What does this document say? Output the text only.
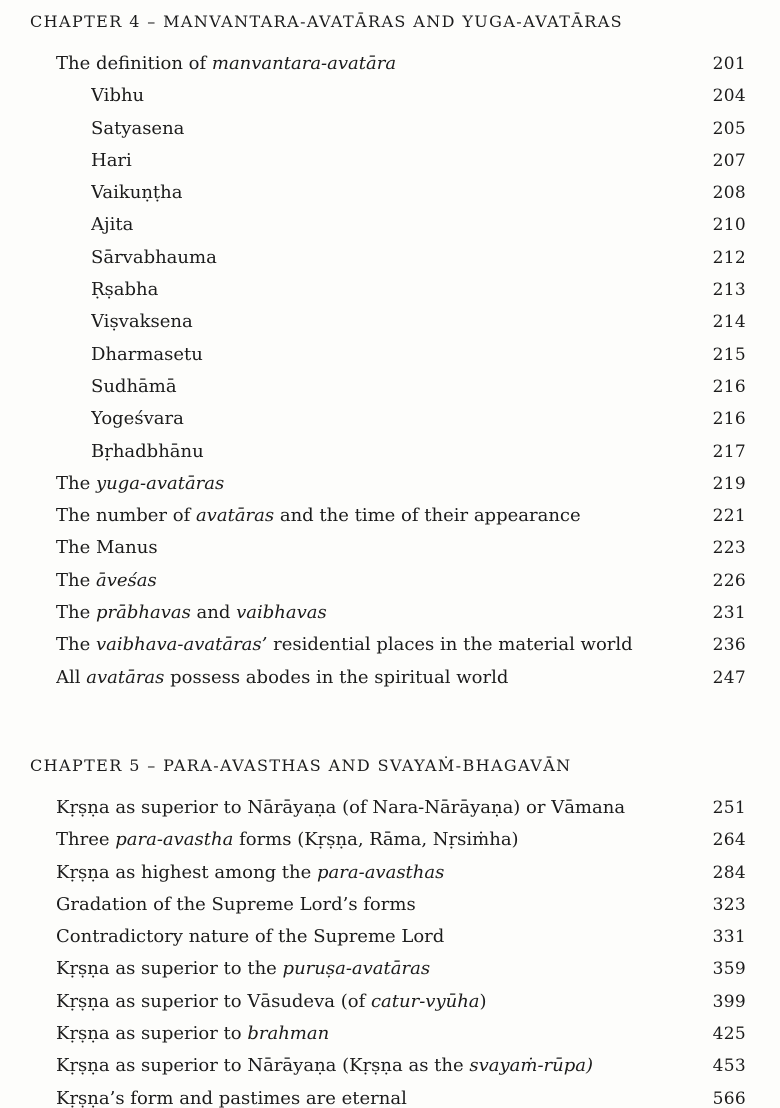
CHAPTER 4 – MANVANTARA-AVATĀRAS AND YUGA-AVATĀRAS
The definition of manvantara-avatāra	201
Vibhu	204
Satyasena	205
Hari	207
Vaikuṇṭha	208
Ajita	210
Sārvabhauma	212
Ṛṣabha	213
Viṣvaksena	214
Dharmasetu	215
Sudhāmā	216
Yogeśvara	216
Bṛhadbhānu	217
The yuga-avatāras	219
The number of avatāras and the time of their appearance	221
The Manus	223
The āveśas	226
The prābhavas and vaibhavas	231
The vaibhava-avatāras’ residential places in the material world	236
All avatāras possess abodes in the spiritual world	247
CHAPTER 5 – PARA-AVASTHAS AND SVAYAṀ-BHAGAVĀN
Kṛṣṇa as superior to Nārāyaṇa (of Nara-Nārāyaṇa) or Vāmana	251
Three para-avastha forms (Kṛṣṇa, Rāma, Nṛsiṁha)	264
Kṛṣṇa as highest among the para-avasthas	284
Gradation of the Supreme Lord’s forms	323
Contradictory nature of the Supreme Lord	331
Kṛṣṇa as superior to the puruṣa-avatāras	359
Kṛṣṇa as superior to Vāsudeva (of catur-vyūha)	399
Kṛṣṇa as superior to brahman	425
Kṛṣṇa as superior to Nārāyaṇa (Kṛṣṇa as the svayaṁ-rūpa)	453
Kṛṣṇa’s form and pastimes are eternal	566
